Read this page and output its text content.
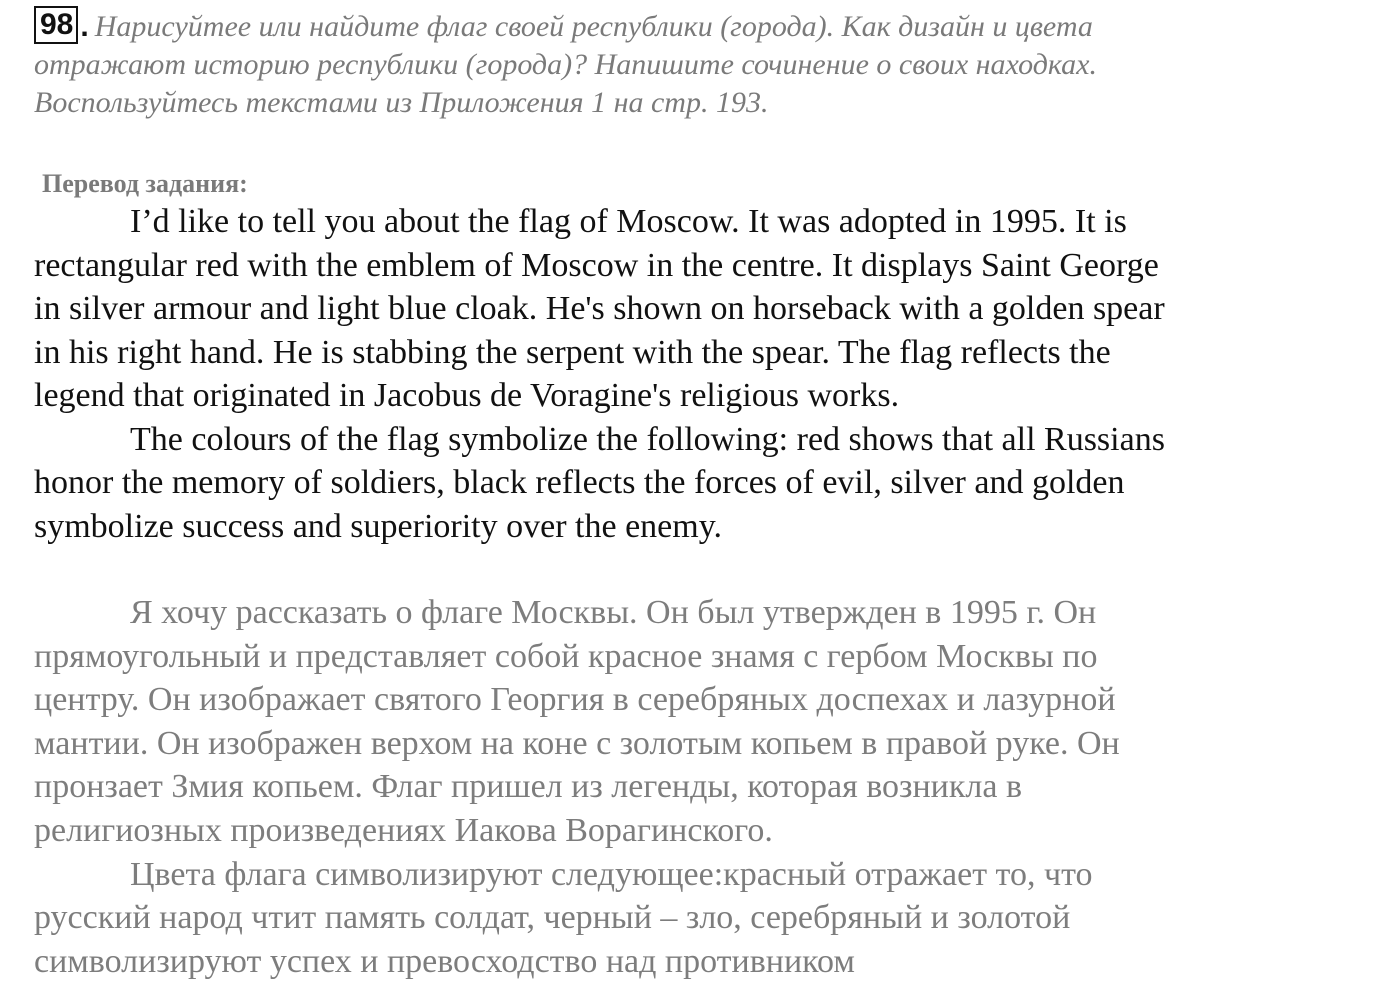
98 . Нарисуйтее или найдите флаг своей республики (города). Как дизайн и цвета
отражают историю республики (города)? Напишите сочинение о своих находках.
Воспользуйтесь текстами из Приложения 1 на стр. 193.
Перевод задания:
I’d like to tell you about the flag of Moscow. It was adopted in 1995. It is
rectangular red with the emblem of Moscow in the centre. It displays Saint George
in silver armour and light blue cloak. He's shown on horseback with a golden spear
in his right hand. He is stabbing the serpent with the spear. The flag reflects the
legend that originated in Jacobus de Voragine's religious works.
The colours of the flag symbolize the following: red shows that all Russians
honor the memory of soldiers, black reflects the forces of evil, silver and golden
symbolize success and superiority over the enemy.
Я хочу рассказать о флаге Москвы. Он был утвержден в 1995 г. Он
прямоугольный и представляет собой красное знамя с гербом Москвы по
центру. Он изображает святого Георгия в серебряных доспехах и лазурной
мантии. Он изображен верхом на коне с золотым копьем в правой руке. Он
пронзает Змия копьем. Флаг пришел из легенды, которая возникла в
религиозных произведениях Иакова Ворагинского.
Цвета флага символизируют следующее:красный отражает то, что
русский народ чтит память солдат, черный – зло, серебряный и золотой
символизируют успех и превосходство над противником
